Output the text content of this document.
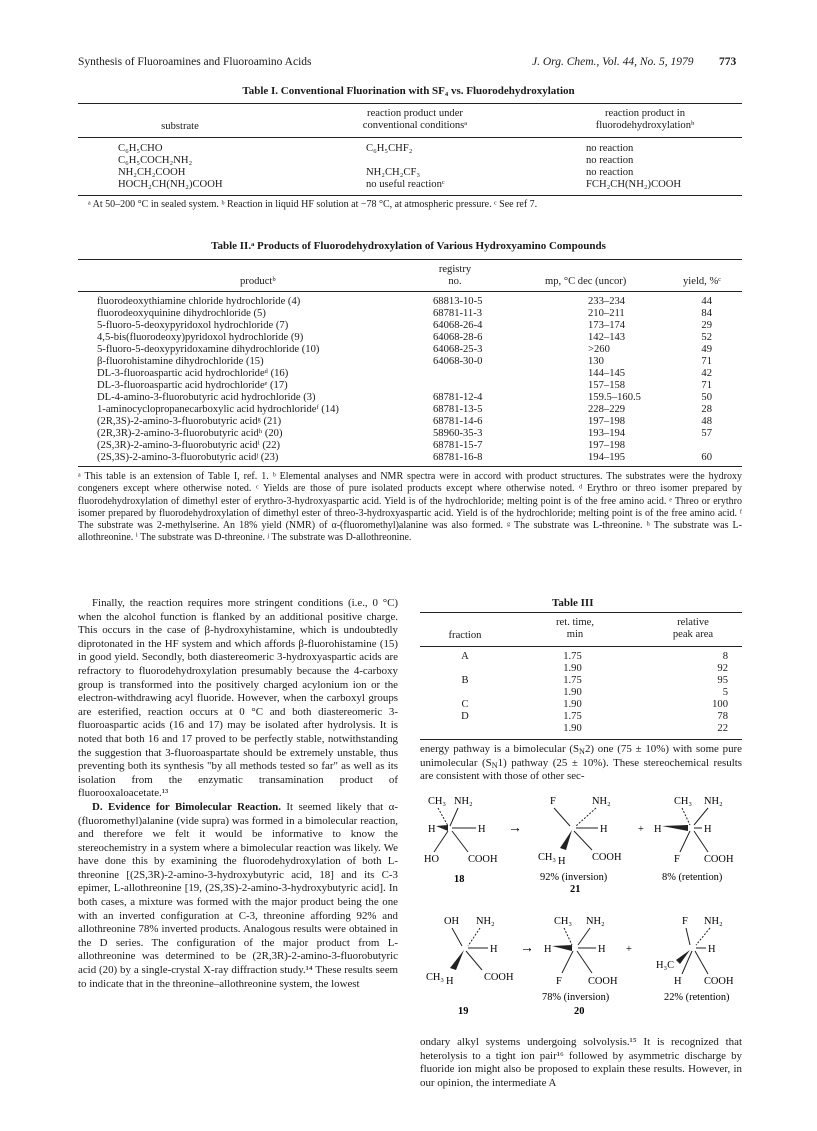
Synthesis of Fluoroamines and Fluoroamino Acids	J. Org. Chem., Vol. 44, No. 5, 1979 773
Table I. Conventional Fluorination with SF₄ vs. Fluorodehydroxylation
substrate
reaction product under
conventional conditionsᵃ
reaction product in
fluorodehydroxylationᵇ
C₆H₅CHO	C₆H₅CHF₂	no reaction
C₆H₅COCH₂NH₂		no reaction
NH₂CH₂COOH	NH₂CH₂CF₃	no reaction
HOCH₂CH(NH₂)COOH	no useful reactionᶜ	FCH₂CH(NH₂)COOH
ᵃ At 50–200 °C in sealed system. ᵇ Reaction in liquid HF solution at −78 °C, at atmospheric pressure. ᶜ See ref 7.
Table II.ᵃ Products of Fluorodehydroxylation of Various Hydroxyamino Compounds
productᵇ
registry
no.	mp, °C dec (uncor)	yield, %ᶜ
fluorodeoxythiamine chloride hydrochloride (4)	68813-10-5	233–234	44
fluorodeoxyquinine dihydrochloride (5)	68781-11-3	210–211	84
5-fluoro-5-deoxypyridoxol hydrochloride (7)	64068-26-4	173–174	29
4,5-bis(fluorodeoxy)pyridoxol hydrochloride (9)	64068-28-6	142–143	52
5-fluoro-5-deoxypyridoxamine dihydrochloride (10)	64068-25-3	>260	49
β-fluorohistamine dihydrochloride (15)	64068-30-0	130	71
DL-3-fluoroaspartic acid hydrochlorideᵈ (16)		144–145	42
DL-3-fluoroaspartic acid hydrochlorideᵉ (17)		157–158	71
DL-4-amino-3-fluorobutyric acid hydrochloride (3)	68781-12-4	159.5–160.5	50
1-aminocyclopropanecarboxylic acid hydrochlorideᶠ (14)	68781-13-5	228–229	28
(2R,3S)-2-amino-3-fluorobutyric acidᵍ (21)	68781-14-6	197–198	48
(2R,3R)-2-amino-3-fluorobutyric acidʰ (20)	58960-35-3	193–194	57
(2S,3R)-2-amino-3-fluorobutyric acidⁱ (22)	68781-15-7	197–198	
(2S,3S)-2-amino-3-fluorobutyric acidʲ (23)	68781-16-8	194–195	60
ᵃ This table is an extension of Table I, ref. 1. ᵇ Elemental analyses and NMR spectra were in accord with product structures. The substrates were the hydroxy congeners except where otherwise noted. ᶜ Yields are those of pure isolated products except where otherwise noted. ᵈ Erythro or threo isomer prepared by fluorodehydroxylation of dimethyl ester of erythro-3-hydroxyaspartic acid. Yield is of the hydrochloride; melting point is of the free amino acid. ᵉ Threo or erythro isomer prepared by fluorodehydroxylation of dimethyl ester of threo-3-hydroxyaspartic acid. Yield is of the hydrochloride; melting point is of the free amino acid. ᶠ The substrate was 2-methylserine. An 18% yield (NMR) of α-(fluoromethyl)alanine was also formed. ᵍ The substrate was L-threonine. ʰ The substrate was L-allothreonine. ⁱ The substrate was D-threonine. ʲ The substrate was D-allothreonine.

Finally, the reaction requires more stringent conditions (i.e., 0 °C) when the alcohol function is flanked by an additional positive charge. This occurs in the case of β-hydroxyhistamine, which is undoubtedly diprotonated in the HF system and which affords β-fluorohistamine (15) in good yield. Secondly, both diastereomeric 3-hydroxyaspartic acids are refractory to fluorodehydroxylation presumably because the 4-carboxy group is transformed into the positively charged acylonium ion or the electron-withdrawing acyl fluoride. However, when the carboxyl groups are esterified, reaction occurs at 0 °C and both diastereomeric 3-fluoroaspartic acids (16 and 17) may be isolated after hydrolysis. It is noted that both 16 and 17 proved to be perfectly stable, notwithstanding the suggestion that 3-fluoroaspartate should be extremely unstable, thus preventing both its synthesis "by all methods tested so far" as well as its isolation from the enzymatic transamination product of fluorooxaloacetate.¹³

D. Evidence for Bimolecular Reaction. It seemed likely that α-(fluoromethyl)alanine (vide supra) was formed in a bimolecular reaction, and therefore we felt it would be informative to know the stereochemistry in a system where a bimolecular reaction was likely. We have done this by examining the fluorodehydroxylation of both L-threonine [(2S,3R)-2-amino-3-hydroxybutyric acid, 18] and its C-3 epimer, L-allothreonine [19, (2S,3S)-2-amino-3-hydroxybutyric acid]. In both cases, a mixture was formed with the major product being the one with an inverted configuration at C-3, threonine affording 92% and allothreonine 78% inverted products. Analogous results were obtained in the D series. The configuration of the major product from L-allothreonine was determined to be (2R,3R)-2-amino-3-fluorobutyric acid (20) by a single-crystal X-ray diffraction study.¹⁴ These results seem to indicate that in the threonine–allothreonine system, the lowest

Table III
fraction
ret. time,
min
relative
peak area
A	1.75	8
	1.90	92
B	1.75	95
	1.90	5
C	1.90	100
D	1.75	78
	1.90	22

energy pathway is a bimolecular $(S_N2)$ one (75 ± 10%) with some pure unimolecular $(S_N1)$ pathway (25 ± 10%). These stereochemical results are consistent with those of other sec-

CH₃ NH₂
H	H
HO	COOH
18
→
F	NH₂
H
CH₃ H	COOH
92% (inversion)
21
+
CH₃ NH₂
H	H
F COOH
8% (retention)
OH NH₂
H
CH₃ H	COOH
19
→
CH₃ NH₂
H	H
F	COOH
78% (inversion)
20
+
F NH₂
H₃C
H
H COOH
22% (retention)

ondary alkyl systems undergoing solvolysis.¹⁵ It is recognized that heterolysis to a tight ion pair¹⁶ followed by asymmetric discharge by fluoride ion might also be proposed to explain these results. However, in our opinion, the intermediate A
